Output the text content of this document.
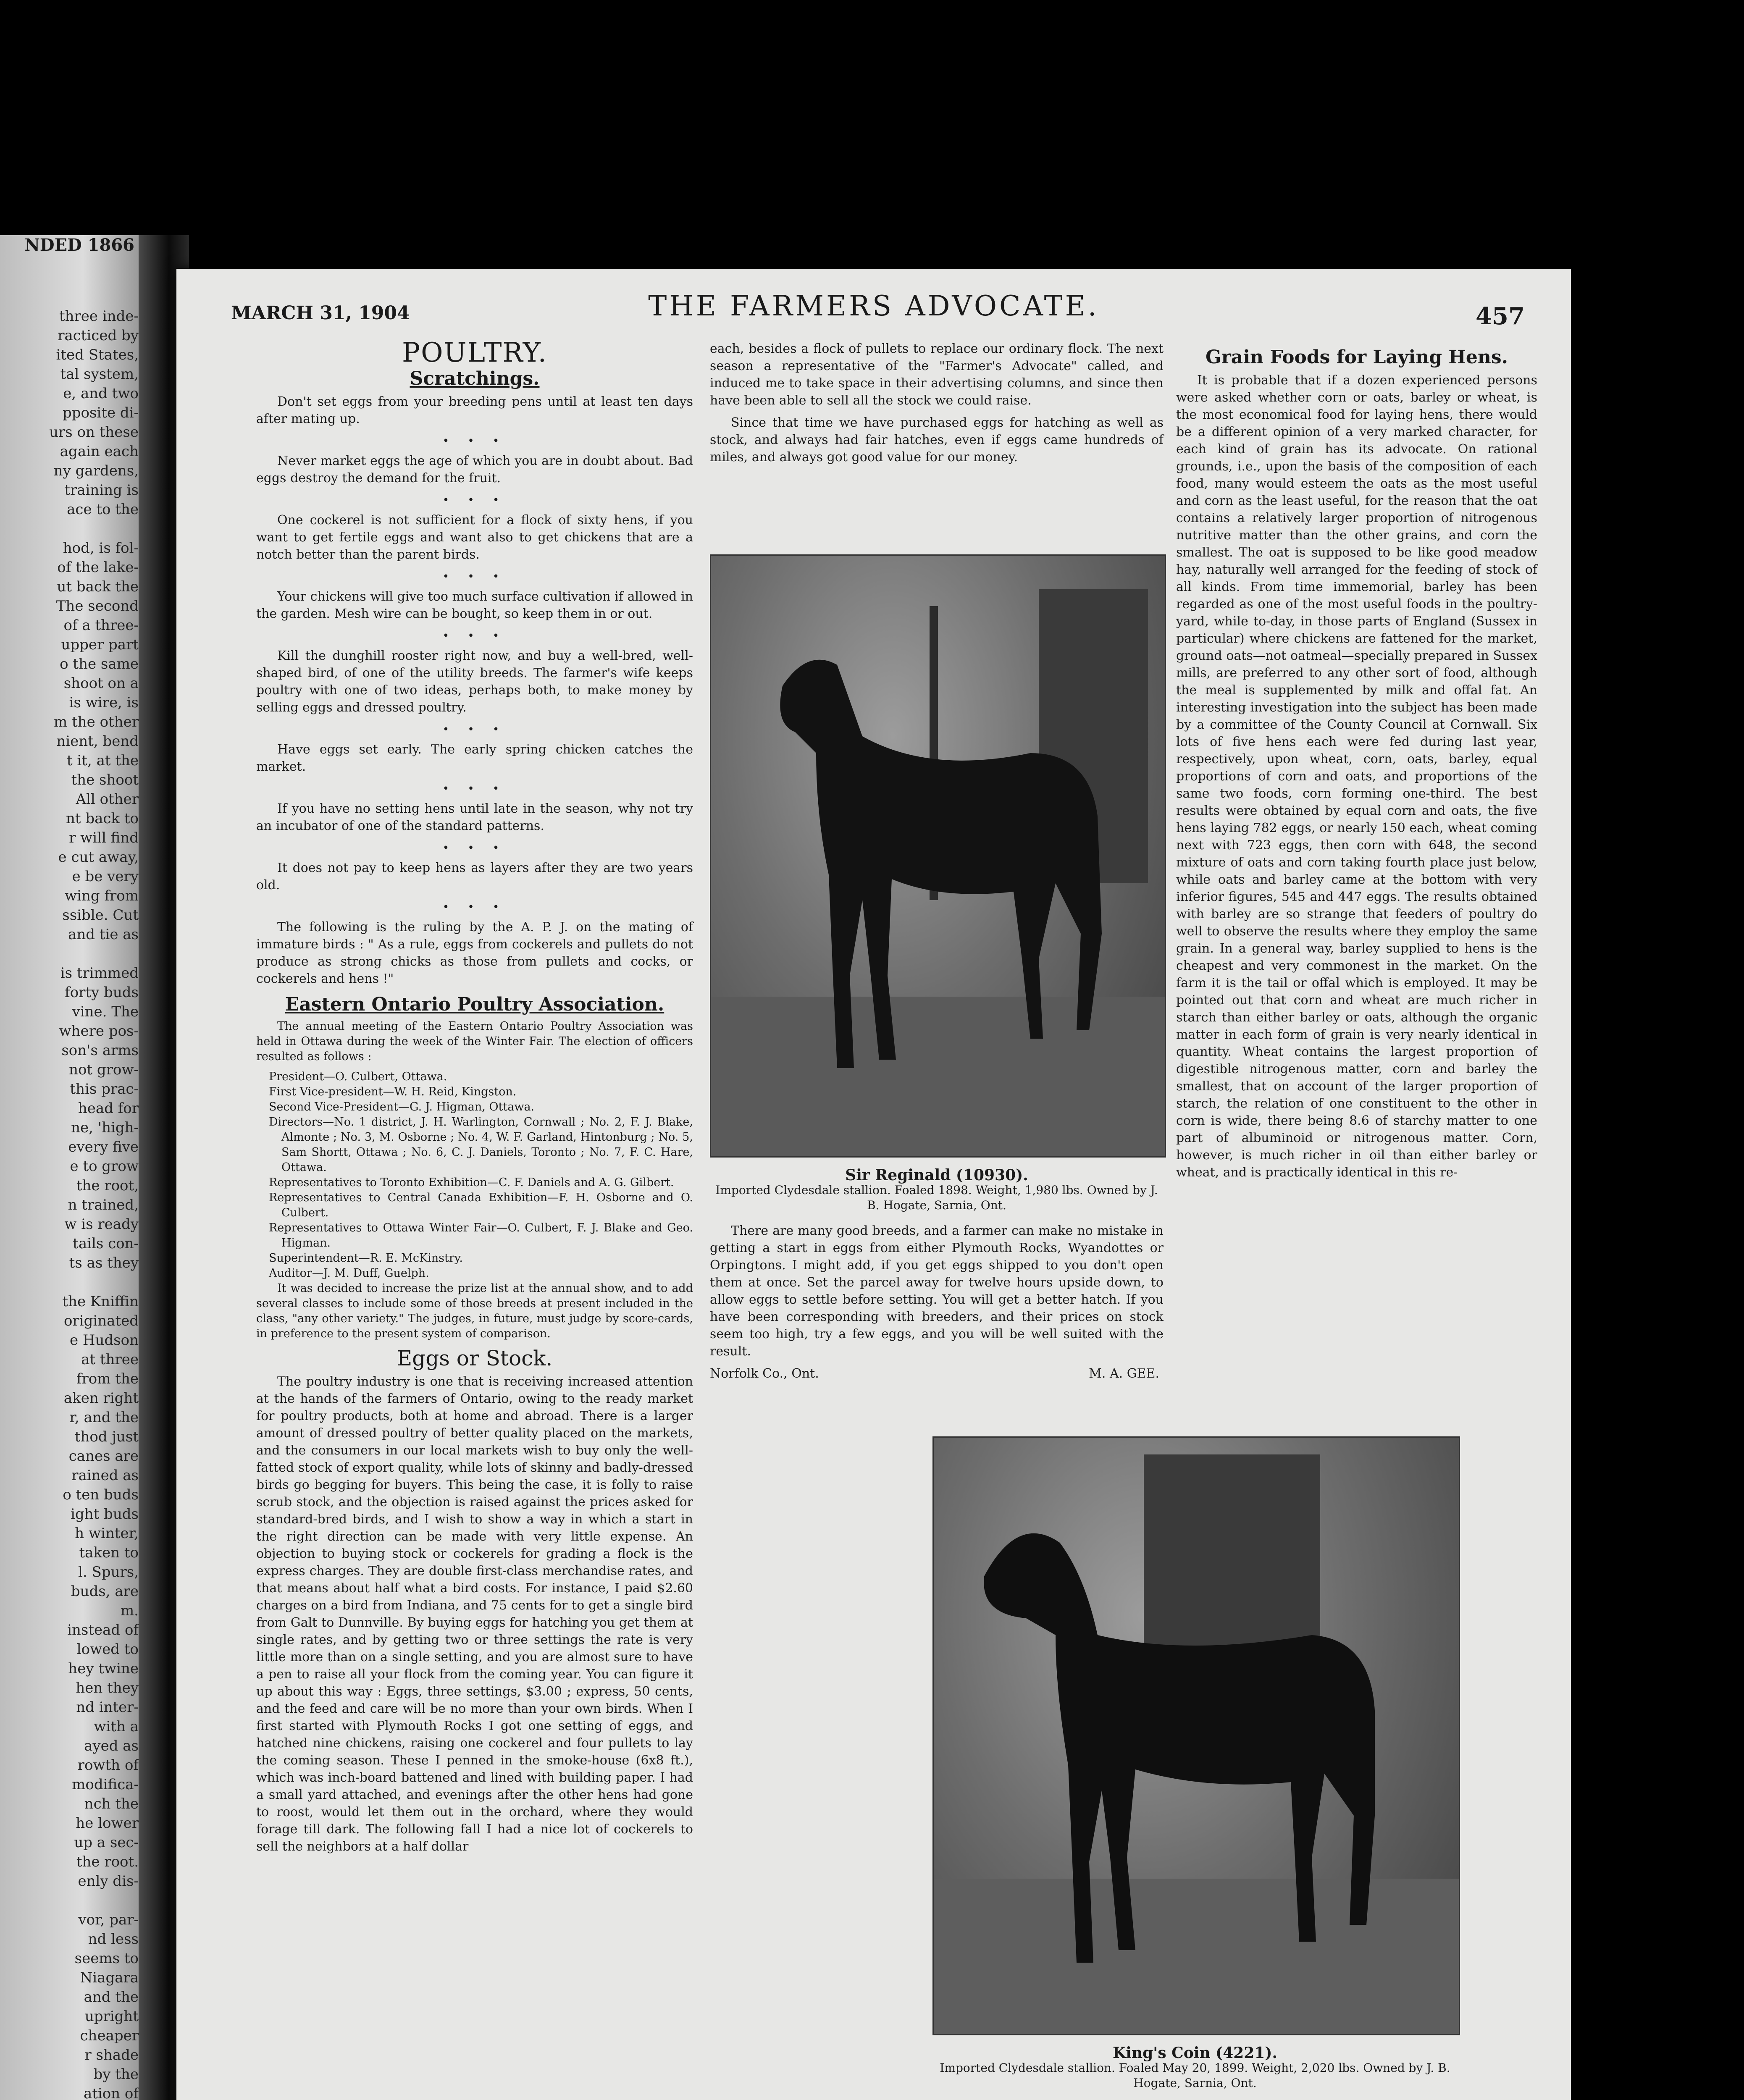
NDED 1866
three inde-
racticed by
ited States,
tal system,
e, and two
pposite di-
urs on these
again each
ny gardens,
training is
ace to the
hod, is fol-
of the lake-
ut back the
The second
of a three-
upper part
o the same
shoot on a
is wire, is
m the other
nient, bend
t it, at the
the shoot
All other
nt back to
r will find
e cut away,
e be very
wing from
ssible. Cut
and tie as
is trimmed
forty buds
vine. The
where pos-
son's arms
not grow-
this prac-
head for
ne, 'high-
every five
e to grow
the root,
n trained,
w is ready
tails con-
ts as they
the Kniffin
originated
e Hudson
at three
from the
aken right
r, and the
thod just
canes are
rained as
o ten buds
ight buds
h winter,
taken to
l. Spurs,
buds, are
m.
instead of
lowed to
hey twine
hen they
nd inter-
with a
ayed as
rowth of
modifica-
nch the
he lower
up a sec-
the root.
enly dis-
vor, par-
nd less
seems to
Niagara
and the
upright
cheaper
r shade
by the
ation of
MARCH 31, 1904	THE FARMERS ADVOCATE.	457
POULTRY.
Scratchings.

Don't set eggs from your breeding pens until at least ten days after mating up.

• • •

Never market eggs the age of which you are in doubt about. Bad eggs destroy the demand for the fruit.

• • •

One cockerel is not sufficient for a flock of sixty hens, if you want to get fertile eggs and want also to get chickens that are a notch better than the parent birds.

• • •

Your chickens will give too much surface cultivation if allowed in the garden. Mesh wire can be bought, so keep them in or out.

• • •

Kill the dunghill rooster right now, and buy a well-bred, well-shaped bird, of one of the utility breeds. The farmer's wife keeps poultry with one of two ideas, perhaps both, to make money by selling eggs and dressed poultry.

• • •

Have eggs set early. The early spring chicken catches the market.

• • •

If you have no setting hens until late in the season, why not try an incubator of one of the standard patterns.

• • •

It does not pay to keep hens as layers after they are two years old.

• • •

The following is the ruling by the A. P. J. on the mating of immature birds : " As a rule, eggs from cockerels and pullets do not produce as strong chicks as those from pullets and cocks, or cockerels and hens !"

Eastern Ontario Poultry Association.

The annual meeting of the Eastern Ontario Poultry Association was held in Ottawa during the week of the Winter Fair. The election of officers resulted as follows :

President—O. Culbert, Ottawa.
First Vice-president—W. H. Reid, Kingston.
Second Vice-President—G. J. Higman, Ottawa.
Directors—No. 1 district, J. H. Warlington, Cornwall ; No. 2, F. J. Blake, Almonte ; No. 3, M. Osborne ; No. 4, W. F. Garland, Hintonburg ; No. 5, Sam Shortt, Ottawa ; No. 6, C. J. Daniels, Toronto ; No. 7, F. C. Hare, Ottawa.
Representatives to Toronto Exhibition—C. F. Daniels and A. G. Gilbert.
Representatives to Central Canada Exhibition—F. H. Osborne and O. Culbert.
Representatives to Ottawa Winter Fair—O. Culbert, F. J. Blake and Geo. Higman.
Superintendent—R. E. McKinstry.
Auditor—J. M. Duff, Guelph.

It was decided to increase the prize list at the annual show, and to add several classes to include some of those breeds at present included in the class, "any other variety." The judges, in future, must judge by score-cards, in preference to the present system of comparison.

Eggs or Stock.

The poultry industry is one that is receiving increased attention at the hands of the farmers of Ontario, owing to the ready market for poultry products, both at home and abroad. There is a larger amount of dressed poultry of better quality placed on the markets, and the consumers in our local markets wish to buy only the well-fatted stock of export quality, while lots of skinny and badly-dressed birds go begging for buyers. This being the case, it is folly to raise scrub stock, and the objection is raised against the prices asked for standard-bred birds, and I wish to show a way in which a start in the right direction can be made with very little expense. An objection to buying stock or cockerels for grading a flock is the express charges. They are double first-class merchandise rates, and that means about half what a bird costs. For instance, I paid $2.60 charges on a bird from Indiana, and 75 cents for to get a single bird from Galt to Dunnville. By buying eggs for hatching you get them at single rates, and by getting two or three settings the rate is very little more than on a single setting, and you are almost sure to have a pen to raise all your flock from the coming year. You can figure it up about this way : Eggs, three settings, $3.00 ; express, 50 cents, and the feed and care will be no more than your own birds. When I first started with Plymouth Rocks I got one setting of eggs, and hatched nine chickens, raising one cockerel and four pullets to lay the coming season. These I penned in the smoke-house (6x8 ft.), which was inch-board battened and lined with building paper. I had a small yard attached, and evenings after the other hens had gone to roost, would let them out in the orchard, where they would forage till dark. The following fall I had a nice lot of cockerels to sell the neighbors at a half dollar

each, besides a flock of pullets to replace our ordinary flock. The next season a representative of the "Farmer's Advocate" called, and induced me to take space in their advertising columns, and since then have been able to sell all the stock we could raise.

Since that time we have purchased eggs for hatching as well as stock, and always had fair hatches, even if eggs came hundreds of miles, and always got good value for our money.

Sir Reginald (10930).
Imported Clydesdale stallion. Foaled 1898. Weight, 1,980 lbs. Owned by J. B. Hogate, Sarnia, Ont.

There are many good breeds, and a farmer can make no mistake in getting a start in eggs from either Plymouth Rocks, Wyandottes or Orpingtons. I might add, if you get eggs shipped to you don't open them at once. Set the parcel away for twelve hours upside down, to allow eggs to settle before setting. You will get a better hatch. If you have been corresponding with breeders, and their prices on stock seem too high, try a few eggs, and you will be well suited with the result.

Norfolk Co., Ont.	M. A. GEE.
King's Coin (4221).
Imported Clydesdale stallion. Foaled May 20, 1899. Weight, 2,020 lbs. Owned by J. B. Hogate, Sarnia, Ont.
Grain Foods for Laying Hens.

It is probable that if a dozen experienced persons were asked whether corn or oats, barley or wheat, is the most economical food for laying hens, there would be a different opinion of a very marked character, for each kind of grain has its advocate. On rational grounds, i.e., upon the basis of the composition of each food, many would esteem the oats as the most useful and corn as the least useful, for the reason that the oat contains a relatively larger proportion of nitrogenous nutritive matter than the other grains, and corn the smallest. The oat is supposed to be like good meadow hay, naturally well arranged for the feeding of stock of all kinds. From time immemorial, barley has been regarded as one of the most useful foods in the poultry-yard, while to-day, in those parts of England (Sussex in particular) where chickens are fattened for the market, ground oats—not oatmeal—specially prepared in Sussex mills, are preferred to any other sort of food, although the meal is supplemented by milk and offal fat. An interesting investigation into the subject has been made by a committee of the County Council at Cornwall. Six lots of five hens each were fed during last year, respectively, upon wheat, corn, oats, barley, equal proportions of corn and oats, and proportions of the same two foods, corn forming one-third. The best results were obtained by equal corn and oats, the five hens laying 782 eggs, or nearly 150 each, wheat coming next with 723 eggs, then corn with 648, the second mixture of oats and corn taking fourth place just below, while oats and barley came at the bottom with very inferior figures, 545 and 447 eggs. The results obtained with barley are so strange that feeders of poultry do well to observe the results where they employ the same grain. In a general way, barley supplied to hens is the cheapest and very commonest in the market. On the farm it is the tail or offal which is employed. It may be pointed out that corn and wheat are much richer in starch than either barley or oats, although the organic matter in each form of grain is very nearly identical in quantity. Wheat contains the largest proportion of digestible nitrogenous matter, corn and barley the smallest, that on account of the larger proportion of starch, the relation of one constituent to the other in corn is wide, there being 8.6 of starchy matter to one part of albuminoid or nitrogenous matter. Corn, however, is much richer in oil than either barley or wheat, and is practically identical in this re-
